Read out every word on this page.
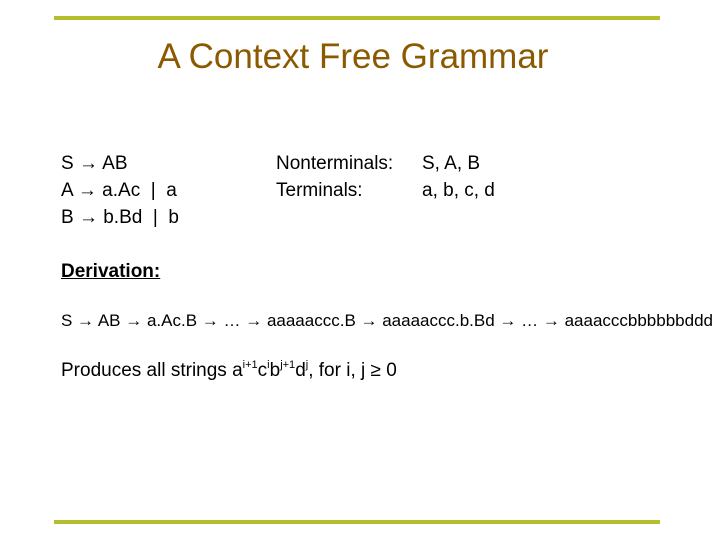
A Context Free Grammar
S → AB
A → a.Ac  |  a
B → b.Bd  |  b
Nonterminals: S, A, B
Terminals:	a, b, c, d
Derivation:
S → AB → a.Ac.B → … → aaaaaccc.B → aaaaaccc.b.Bd → … → aaaacccbbbbbbddd
Produces all strings $a^{i+1}c^ib^{j+1}d^j$, for i, j ≥ 0
